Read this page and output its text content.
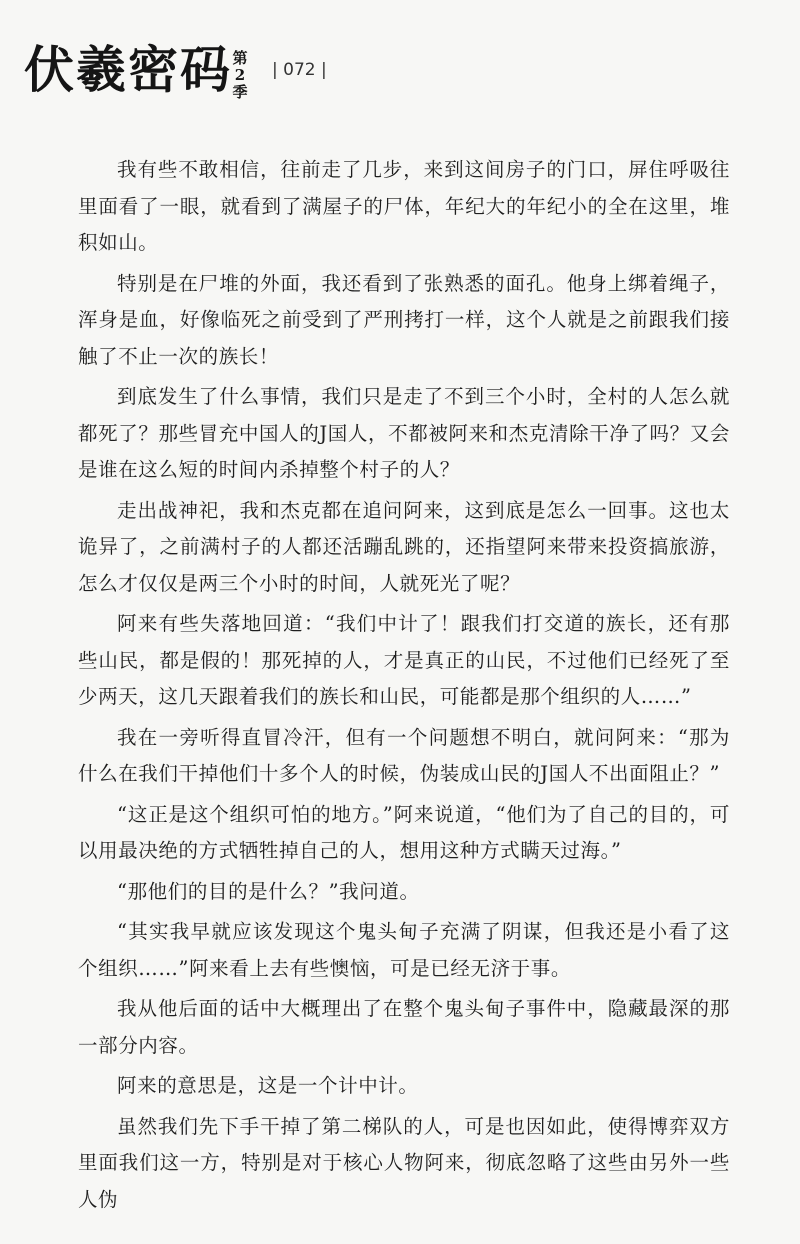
伏羲密码 第2季
| 072 |

我有些不敢相信，往前走了几步，来到这间房子的门口，屏住呼吸往里面看了一眼，就看到了满屋子的尸体，年纪大的年纪小的全在这里，堆积如山。

特别是在尸堆的外面，我还看到了张熟悉的面孔。他身上绑着绳子，浑身是血，好像临死之前受到了严刑拷打一样，这个人就是之前跟我们接触了不止一次的族长！

到底发生了什么事情，我们只是走了不到三个小时，全村的人怎么就都死了？那些冒充中国人的J国人，不都被阿来和杰克清除干净了吗？又会是谁在这么短的时间内杀掉整个村子的人？

走出战神祀，我和杰克都在追问阿来，这到底是怎么一回事。这也太诡异了，之前满村子的人都还活蹦乱跳的，还指望阿来带来投资搞旅游，怎么才仅仅是两三个小时的时间，人就死光了呢？

阿来有些失落地回道：“我们中计了！跟我们打交道的族长，还有那些山民，都是假的！那死掉的人，才是真正的山民，不过他们已经死了至少两天，这几天跟着我们的族长和山民，可能都是那个组织的人……”

我在一旁听得直冒冷汗，但有一个问题想不明白，就问阿来：“那为什么在我们干掉他们十多个人的时候，伪装成山民的J国人不出面阻止？”

“这正是这个组织可怕的地方。”阿来说道，“他们为了自己的目的，可以用最决绝的方式牺牲掉自己的人，想用这种方式瞒天过海。”

“那他们的目的是什么？”我问道。

“其实我早就应该发现这个鬼头甸子充满了阴谋，但我还是小看了这个组织……”阿来看上去有些懊恼，可是已经无济于事。

我从他后面的话中大概理出了在整个鬼头甸子事件中，隐藏最深的那一部分内容。

阿来的意思是，这是一个计中计。

虽然我们先下手干掉了第二梯队的人，可是也因如此，使得博弈双方里面我们这一方，特别是对于核心人物阿来，彻底忽略了这些由另外一些人伪
